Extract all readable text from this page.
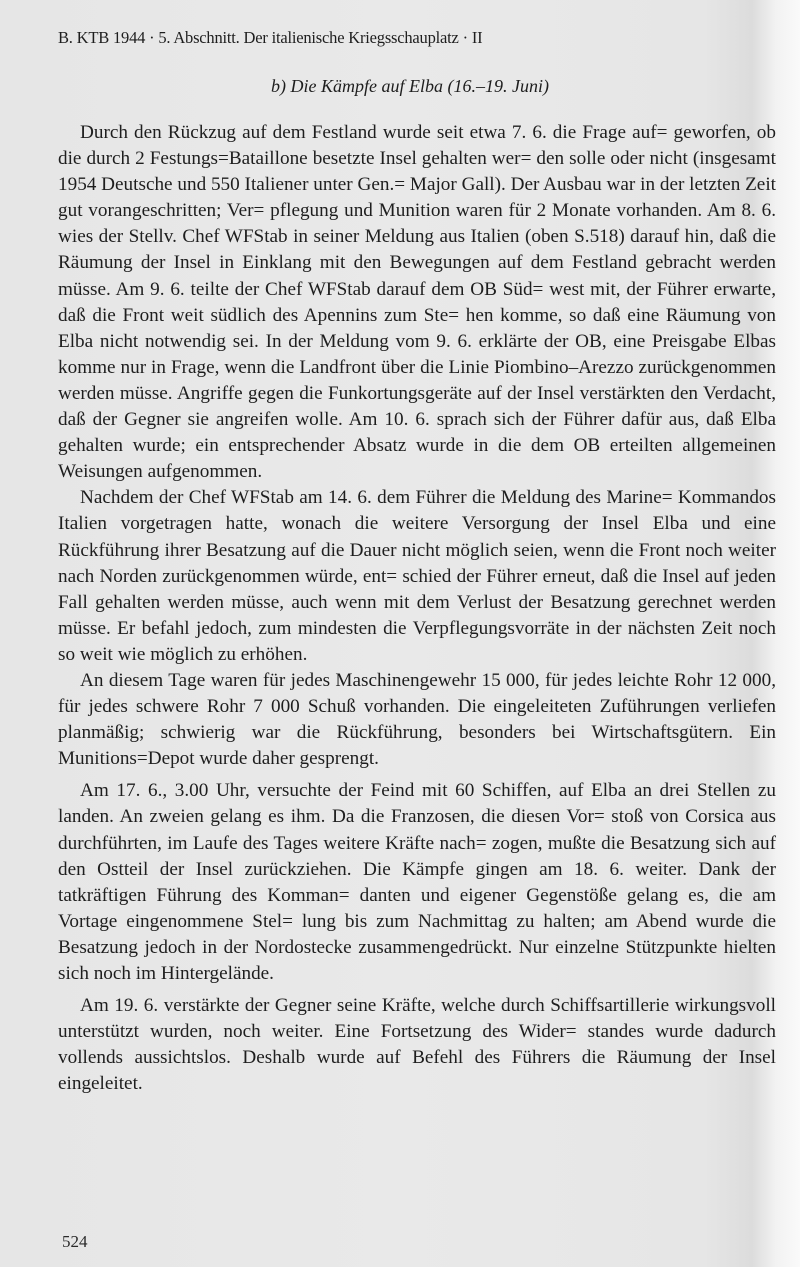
B. KTB 1944 · 5. Abschnitt. Der italienische Kriegsschauplatz · II
b) Die Kämpfe auf Elba (16.–19. Juni)

Durch den Rückzug auf dem Festland wurde seit etwa 7. 6. die Frage auf= geworfen, ob die durch 2 Festungs=Bataillone besetzte Insel gehalten wer= den solle oder nicht (insgesamt 1954 Deutsche und 550 Italiener unter Gen.= Major Gall). Der Ausbau war in der letzten Zeit gut vorangeschritten; Ver= pflegung und Munition waren für 2 Monate vorhanden. Am 8. 6. wies der Stellv. Chef WFStab in seiner Meldung aus Italien (oben S.518) darauf hin, daß die Räumung der Insel in Einklang mit den Bewegungen auf dem Festland gebracht werden müsse. Am 9. 6. teilte der Chef WFStab darauf dem OB Süd= west mit, der Führer erwarte, daß die Front weit südlich des Apennins zum Ste= hen komme, so daß eine Räumung von Elba nicht notwendig sei. In der Meldung vom 9. 6. erklärte der OB, eine Preisgabe Elbas komme nur in Frage, wenn die Landfront über die Linie Piombino–Arezzo zurückgenommen werden müsse. Angriffe gegen die Funkortungsgeräte auf der Insel verstärkten den Verdacht, daß der Gegner sie angreifen wolle. Am 10. 6. sprach sich der Führer dafür aus, daß Elba gehalten wurde; ein entsprechender Absatz wurde in die dem OB erteilten allgemeinen Weisungen aufgenommen.

Nachdem der Chef WFStab am 14. 6. dem Führer die Meldung des Marine= Kommandos Italien vorgetragen hatte, wonach die weitere Versorgung der Insel Elba und eine Rückführung ihrer Besatzung auf die Dauer nicht möglich seien, wenn die Front noch weiter nach Norden zurückgenommen würde, ent= schied der Führer erneut, daß die Insel auf jeden Fall gehalten werden müsse, auch wenn mit dem Verlust der Besatzung gerechnet werden müsse. Er befahl jedoch, zum mindesten die Verpflegungsvorräte in der nächsten Zeit noch so weit wie möglich zu erhöhen.

An diesem Tage waren für jedes Maschinengewehr 15 000, für jedes leichte Rohr 12 000, für jedes schwere Rohr 7 000 Schuß vorhanden. Die eingeleiteten Zuführungen verliefen planmäßig; schwierig war die Rückführung, besonders bei Wirtschaftsgütern. Ein Munitions=Depot wurde daher gesprengt.

Am 17. 6., 3.00 Uhr, versuchte der Feind mit 60 Schiffen, auf Elba an drei Stellen zu landen. An zweien gelang es ihm. Da die Franzosen, die diesen Vor= stoß von Corsica aus durchführten, im Laufe des Tages weitere Kräfte nach= zogen, mußte die Besatzung sich auf den Ostteil der Insel zurückziehen. Die Kämpfe gingen am 18. 6. weiter. Dank der tatkräftigen Führung des Komman= danten und eigener Gegenstöße gelang es, die am Vortage eingenommene Stel= lung bis zum Nachmittag zu halten; am Abend wurde die Besatzung jedoch in der Nordostecke zusammengedrückt. Nur einzelne Stützpunkte hielten sich noch im Hintergelände.

Am 19. 6. verstärkte der Gegner seine Kräfte, welche durch Schiffsartillerie wirkungsvoll unterstützt wurden, noch weiter. Eine Fortsetzung des Wider= standes wurde dadurch vollends aussichtslos. Deshalb wurde auf Befehl des Führers die Räumung der Insel eingeleitet.

524
